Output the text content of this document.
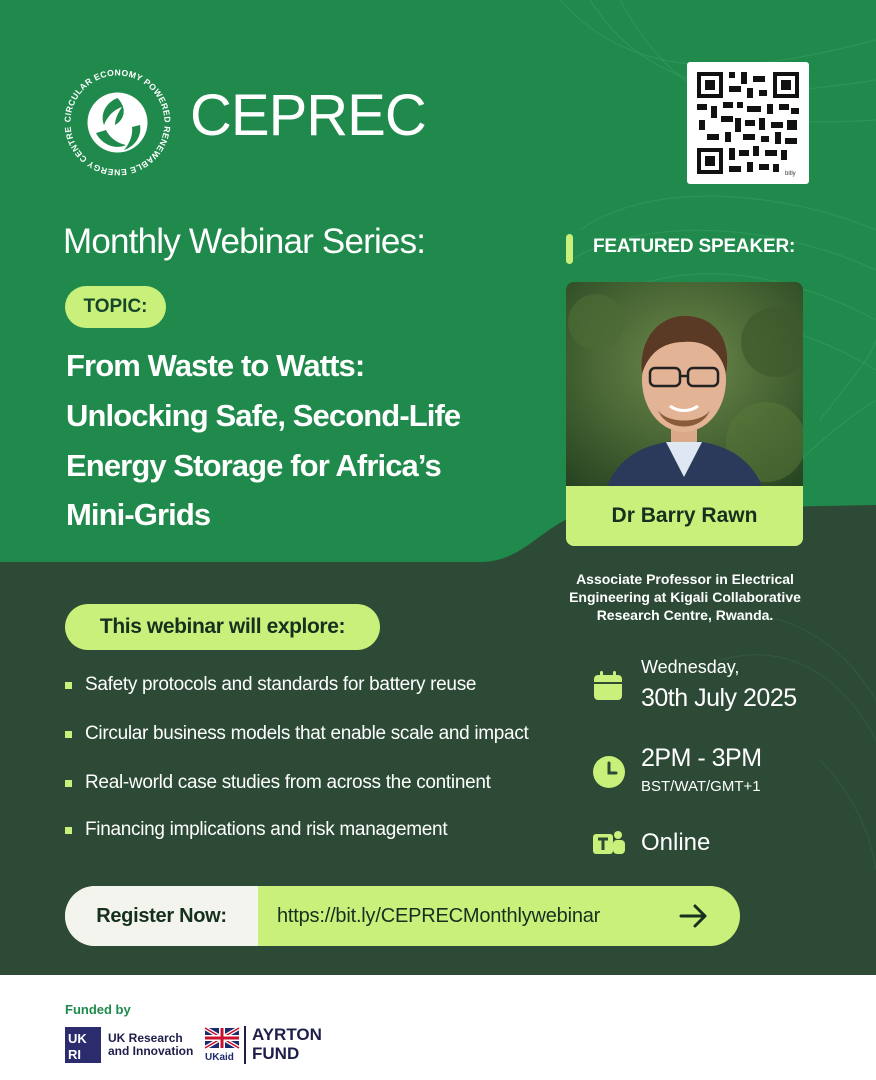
CIRCULAR ECONOMY POWERED RENEWABLE ENERGY CENTRE	CEPREC
bitly
Monthly Webinar Series:
TOPIC:
From Waste to Watts:
Unlocking Safe, Second-Life
Energy Storage for Africa’s
Mini-Grids
FEATURED SPEAKER:
Dr Barry Rawn
Associate Professor in Electrical Engineering at Kigali Collaborative Research Centre, Rwanda.
This webinar will explore:
Safety protocols and standards for battery reuse
Circular business models that enable scale and impact
Real-world case studies from across the continent
Financing implications and risk management
Wednesday,
30th July 2025
2PM - 3PM
BST/WAT/GMT+1
Online
Register Now:	https://bit.ly/CEPRECMonthlywebinar
Funded by
UK
RI
UK Research
and Innovation UKaid
AYRTON
FUND
